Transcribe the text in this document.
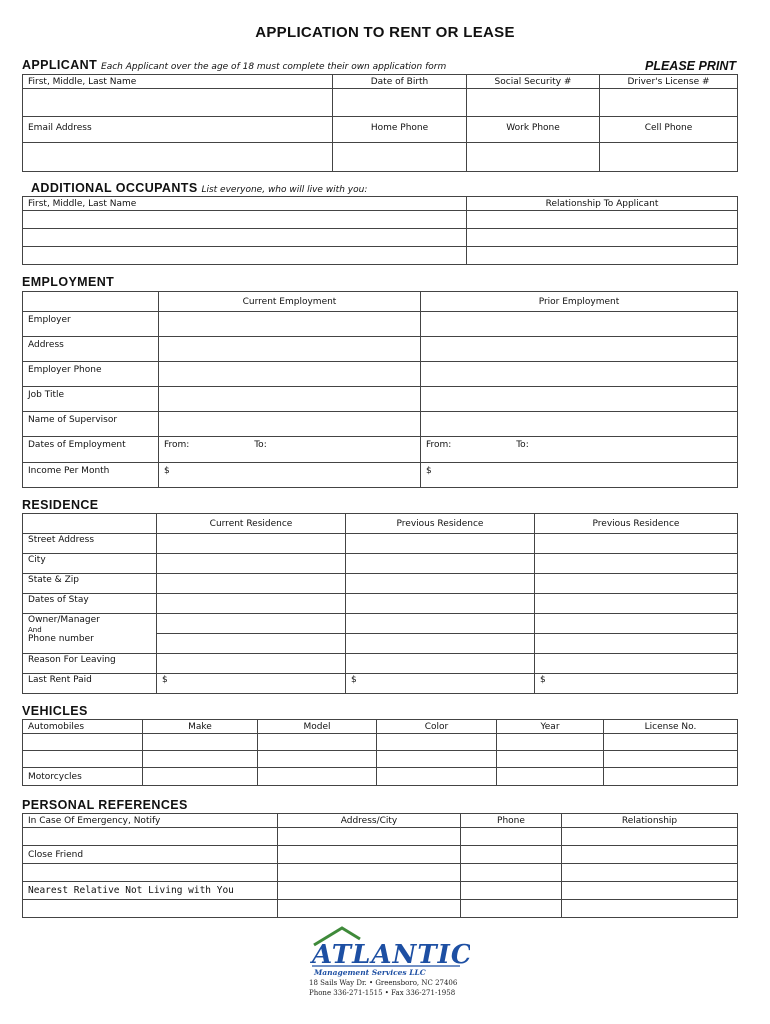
APPLICATION TO RENT OR LEASE
APPLICANT Each Applicant over the age of 18 must complete their own application form	PLEASE PRINT
First, Middle, Last Name	Date of Birth	Social Security #	Driver's License #

Email Address	Home Phone	Work Phone	Cell Phone

ADDITIONAL OCCUPANTS List everyone, who will live with you:
First, Middle, Last Name	Relationship To Applicant

EMPLOYMENT
	Current Employment	Prior Employment
Employer		
Address		
Employer Phone		
Job Title		
Name of Supervisor		
Dates of Employment	From: To:	From: To:
Income Per Month	$	$
RESIDENCE
	Current Residence	Previous Residence	Previous Residence
Street Address			
City			
State & Zip			
Dates of Stay			
Owner/Manager
And
Phone number			

Reason For Leaving			
Last Rent Paid	$	$	$
VEHICLES
Automobiles	Make	Model	Color	Year	License No.

Motorcycles					
PERSONAL REFERENCES
In Case Of Emergency, Notify	Address/City	Phone	Relationship

Close Friend			

Nearest Relative Not Living with You			

ATLANTIC
Management Services LLC
18 Sails Way Dr. • Greensboro, NC 27406
Phone 336-271-1515 • Fax 336-271-1958
